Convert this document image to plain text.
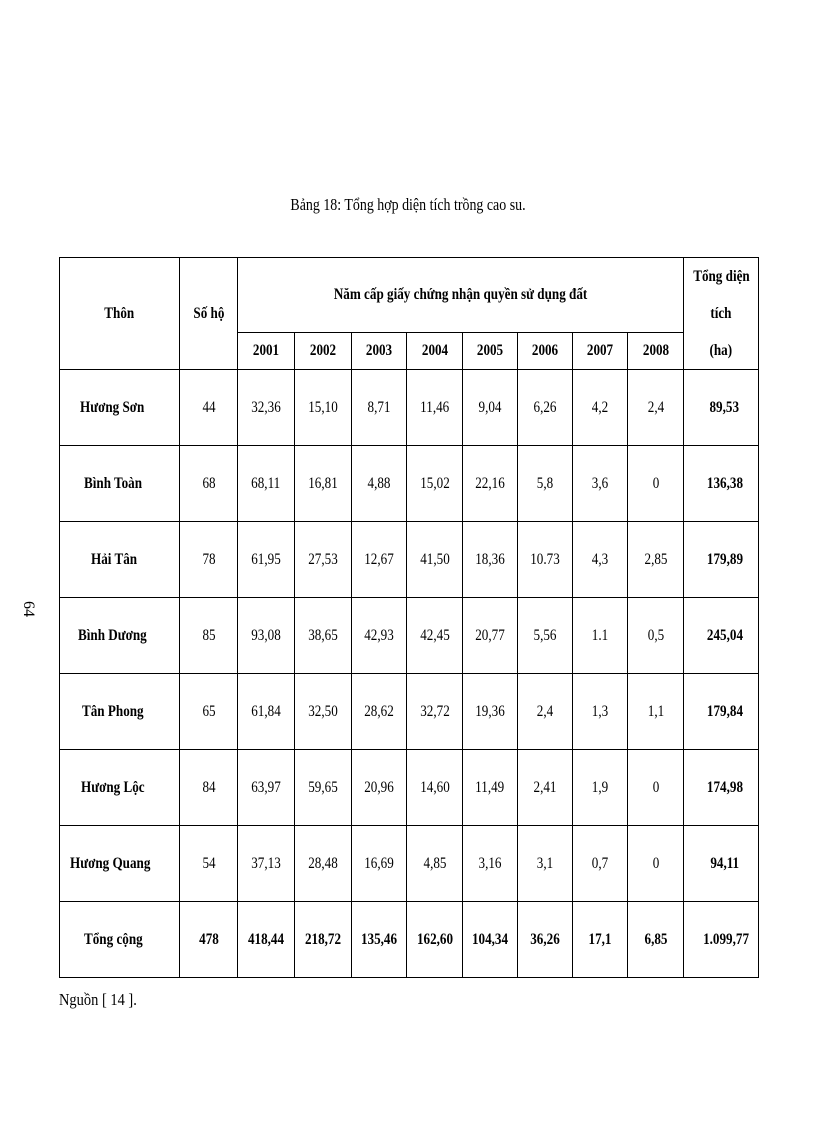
Bảng 18: Tổng hợp diện tích trồng cao su.
64
Thôn	Số hộ	Năm cấp giấy chứng nhận quyền sử dụng đất								Tổng diện
tích
(ha)
		2001	2002	2003	2004	2005	2006	2007	2008	
Hương Sơn	44	32,36	15,10	8,71	11,46	9,04	6,26	4,2	2,4	89,53
Bình Toàn	68	68,11	16,81	4,88	15,02	22,16	5,8	3,6	0	136,38
Hải Tân	78	61,95	27,53	12,67	41,50	18,36	10.73	4,3	2,85	179,89
Bình Dương	85	93,08	38,65	42,93	42,45	20,77	5,56	1.1	0,5	245,04
Tân Phong	65	61,84	32,50	28,62	32,72	19,36	2,4	1,3	1,1	179,84
Hương Lộc	84	63,97	59,65	20,96	14,60	11,49	2,41	1,9	0	174,98
Hương Quang	54	37,13	28,48	16,69	4,85	3,16	3,1	0,7	0	94,11
Tổng cộng	478	418,44	218,72	135,46	162,60	104,34	36,26	17,1	6,85	1.099,77
Nguồn [ 14 ].
